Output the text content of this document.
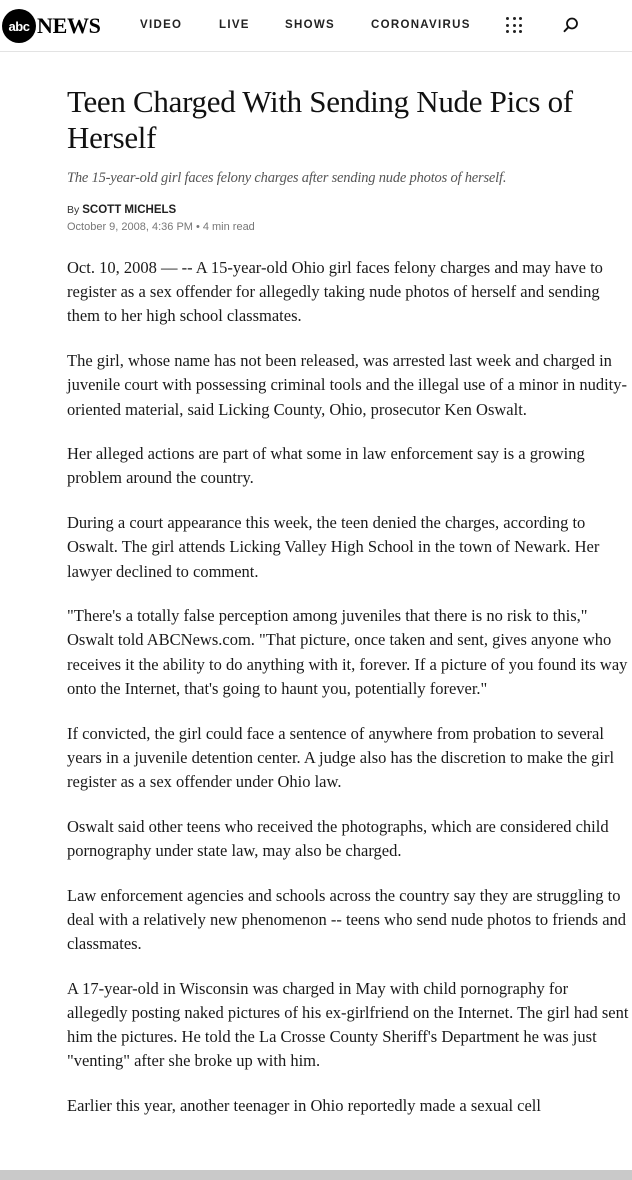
abc NEWS	VIDEO	LIVE	SHOWS	CORONAVIRUS
Teen Charged With Sending Nude Pics of Herself
The 15-year-old girl faces felony charges after sending nude photos of herself.
By SCOTT MICHELS
October 9, 2008, 4:36 PM • 4 min read

Oct. 10, 2008 — -- A 15-year-old Ohio girl faces felony charges and may have to register as a sex offender for allegedly taking nude photos of herself and sending them to her high school classmates.

The girl, whose name has not been released, was arrested last week and charged in juvenile court with possessing criminal tools and the illegal use of a minor in nudity-oriented material, said Licking County, Ohio, prosecutor Ken Oswalt.

Her alleged actions are part of what some in law enforcement say is a growing problem around the country.

During a court appearance this week, the teen denied the charges, according to Oswalt. The girl attends Licking Valley High School in the town of Newark. Her lawyer declined to comment.

"There's a totally false perception among juveniles that there is no risk to this," Oswalt told ABCNews.com. "That picture, once taken and sent, gives anyone who receives it the ability to do anything with it, forever. If a picture of you found its way onto the Internet, that's going to haunt you, potentially forever."

If convicted, the girl could face a sentence of anywhere from probation to several years in a juvenile detention center. A judge also has the discretion to make the girl register as a sex offender under Ohio law.

Oswalt said other teens who received the photographs, which are considered child pornography under state law, may also be charged.

Law enforcement agencies and schools across the country say they are struggling to deal with a relatively new phenomenon -- teens who send nude photos to friends and classmates.

A 17-year-old in Wisconsin was charged in May with child pornography for allegedly posting naked pictures of his ex-girlfriend on the Internet. The girl had sent him the pictures. He told the La Crosse County Sheriff's Department he was just "venting" after she broke up with him.

Earlier this year, another teenager in Ohio reportedly made a sexual cell
